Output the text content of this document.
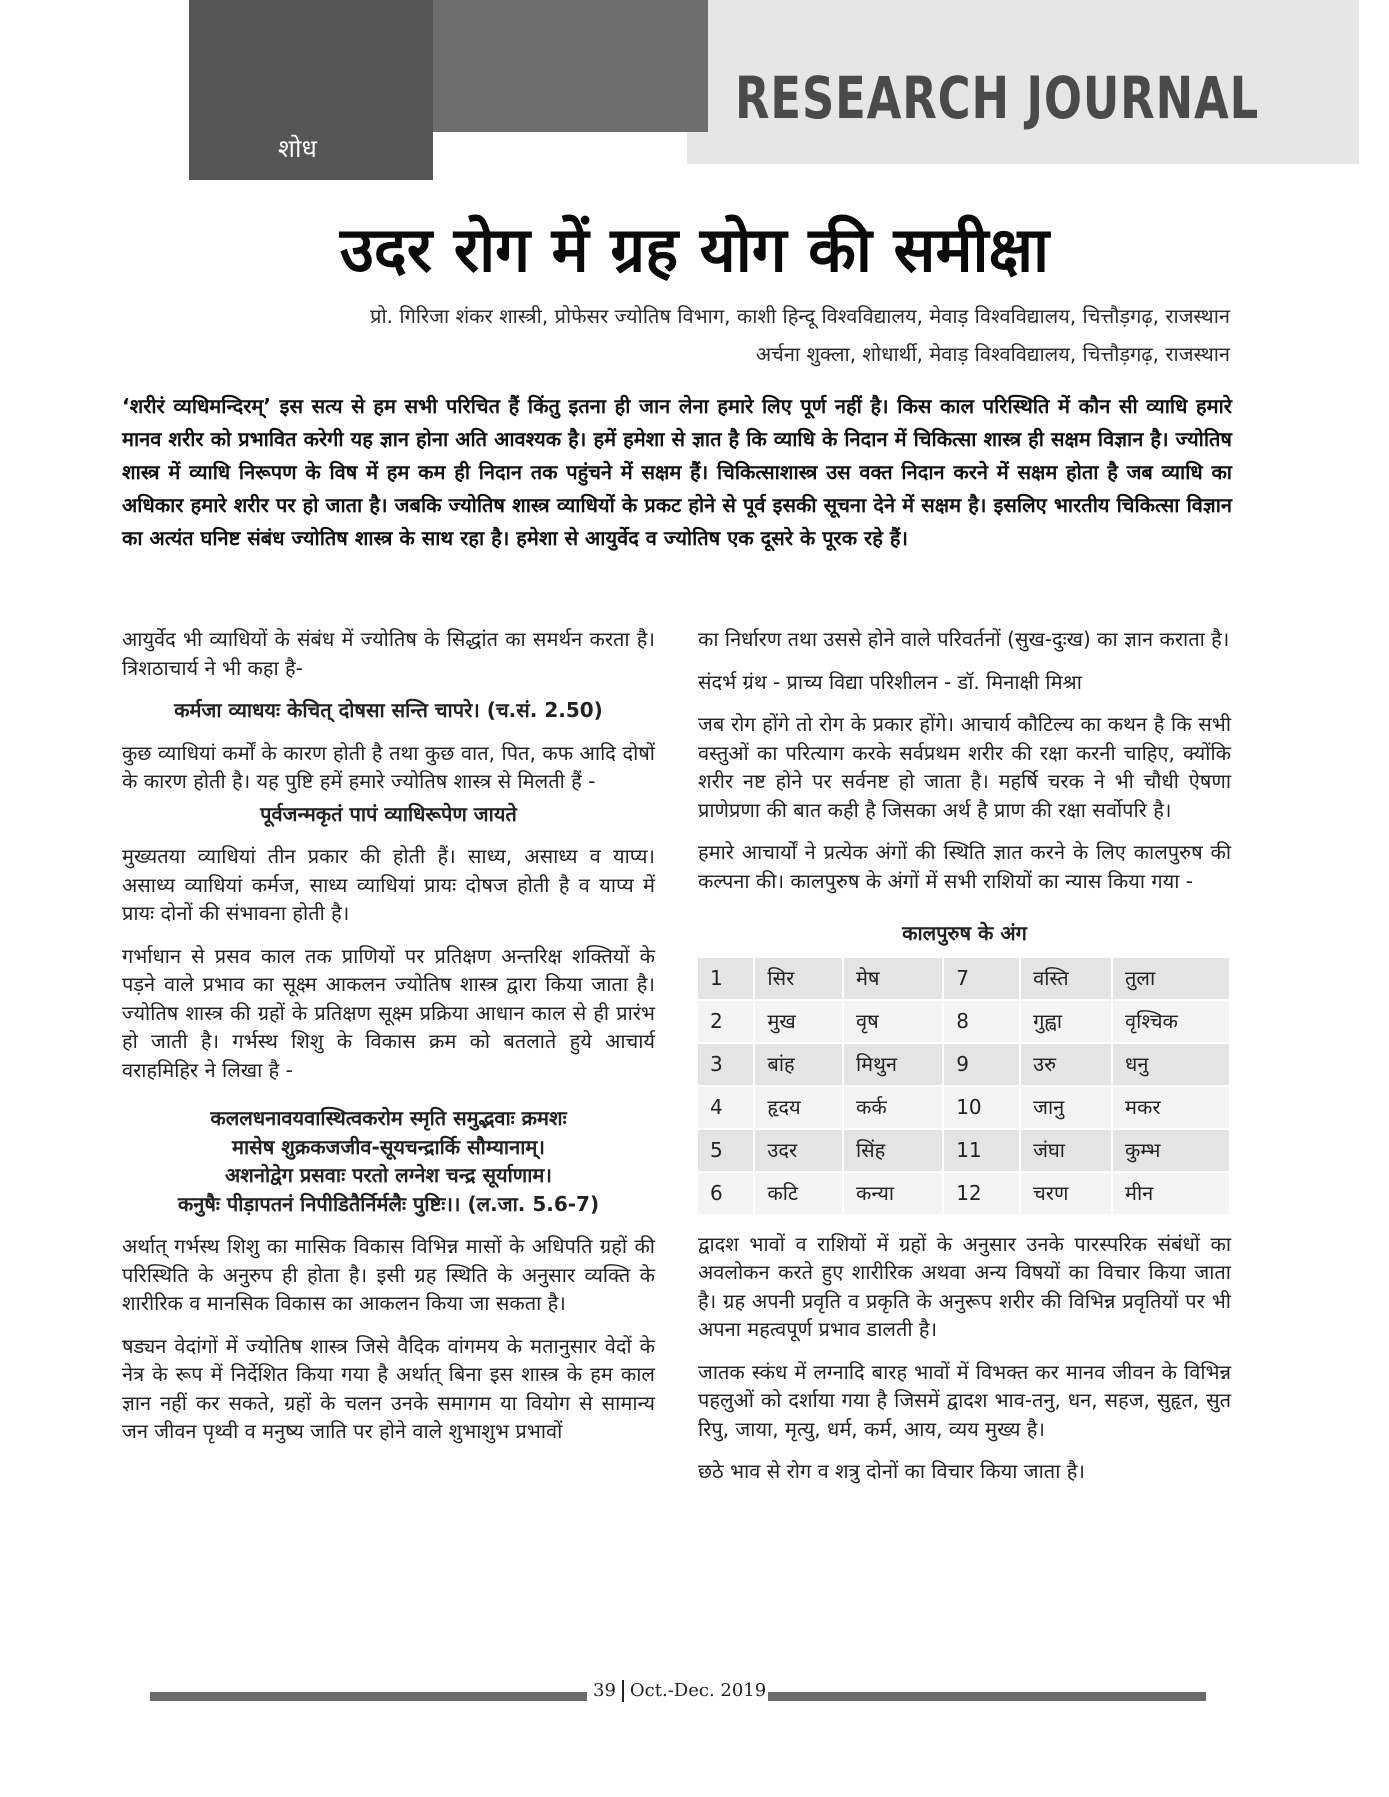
शोध
RESEARCH JOURNAL
उदर रोग में ग्रह योग की समीक्षा
प्रो. गिरिजा शंकर शास्त्री, प्रोफेसर ज्योतिष विभाग, काशी हिन्दू विश्वविद्यालय, मेवाड़ विश्वविद्यालय, चित्तौड़गढ़, राजस्थान
अर्चना शुक्ला, शोधार्थी, मेवाड़ विश्वविद्यालय, चित्तौड़गढ़, राजस्थान
‘शरीरं व्यधिमन्दिरम्’ इस सत्य से हम सभी परिचित हैं किंतु इतना ही जान लेना हमारे लिए पूर्ण नहीं है। किस काल परिस्थिति में कौन सी व्याधि हमारे मानव शरीर को प्रभावित करेगी यह ज्ञान होना अति आवश्यक है। हमें हमेशा से ज्ञात है कि व्याधि के निदान में चिकित्सा शास्त्र ही सक्षम विज्ञान है। ज्योतिष शास्त्र में व्याधि निरूपण के विष में हम कम ही निदान तक पहुंचने में सक्षम हैं। चिकित्साशास्त्र उस वक्त निदान करने में सक्षम होता है जब व्याधि का अधिकार हमारे शरीर पर हो जाता है। जबकि ज्योतिष शास्त्र व्याधियों के प्रकट होने से पूर्व इसकी सूचना देने में सक्षम है। इसलिए भारतीय चिकित्सा विज्ञान का अत्यंत घनिष्ट संबंध ज्योतिष शास्त्र के साथ रहा है। हमेशा से आयुर्वेद व ज्योतिष एक दूसरे के पूरक रहे हैं।

आयुर्वेद भी व्याधियों के संबंध में ज्योतिष के सिद्धांत का समर्थन करता है। त्रिशठाचार्य ने भी कहा है-

कर्मजा व्याधयः केचित् दोषसा सन्ति चापरे। (च.सं. 2.50)

कुछ व्याधियां कर्मों के कारण होती है तथा कुछ वात, पित, कफ आदि दोषों के कारण होती है। यह पुष्टि हमें हमारे ज्योतिष शास्त्र से मिलती हैं -

पूर्वजन्मकृतं पापं व्याधिरूपेण जायते

मुख्यतया व्याधियां तीन प्रकार की होती हैं। साध्य, असाध्य व याप्य। असाध्य व्याधियां कर्मज, साध्य व्याधियां प्रायः दोषज होती है व याप्य में प्रायः दोनों की संभावना होती है।

गर्भाधान से प्रसव काल तक प्राणियों पर प्रतिक्षण अन्तरिक्ष शक्तियों के पड़ने वाले प्रभाव का सूक्ष्म आकलन ज्योतिष शास्त्र द्वारा किया जाता है। ज्योतिष शास्त्र की ग्रहों के प्रतिक्षण सूक्ष्म प्रक्रिया आधान काल से ही प्रारंभ हो जाती है। गर्भस्थ शिशु के विकास क्रम को बतलाते हुये आचार्य वराहमिहिर ने लिखा है -

कललधनावयवास्थित्वकरोम स्मृति समुद्भवाः क्रमशः
मासेष शुक्रकजजीव-सूयचन्द्रार्कि सौम्यानाम्।
अशनोद्वेग प्रसवाः परतो लग्नेश चन्द्र सूर्याणाम।
कनुषैः पीड़ापतनं निपीडितैर्निर्मलैः पुष्टिः।। (ल.जा. 5.6-7)

अर्थात् गर्भस्थ शिशु का मासिक विकास विभिन्न मासों के अधिपति ग्रहों की परिस्थिति के अनुरुप ही होता है। इसी ग्रह स्थिति के अनुसार व्यक्ति के शारीरिक व मानसिक विकास का आकलन किया जा सकता है।

षड्यन वेदांगों में ज्योतिष शास्त्र जिसे वैदिक वांगमय के मतानुसार वेदों के नेत्र के रूप में निर्देशित किया गया है अर्थात् बिना इस शास्त्र के हम काल ज्ञान नहीं कर सकते, ग्रहों के चलन उनके समागम या वियोग से सामान्य जन जीवन पृथ्वी व मनुष्य जाति पर होने वाले शुभाशुभ प्रभावों

का निर्धारण तथा उससे होने वाले परिवर्तनों (सुख-दुःख) का ज्ञान कराता है।

संदर्भ ग्रंथ - प्राच्य विद्या परिशीलन - डॉ. मिनाक्षी मिश्रा

जब रोग होंगे तो रोग के प्रकार होंगे। आचार्य कौटिल्य का कथन है कि सभी वस्तुओं का परित्याग करके सर्वप्रथम शरीर की रक्षा करनी चाहिए, क्योंकि शरीर नष्ट होने पर सर्वनष्ट हो जाता है। महर्षि चरक ने भी चौधी ऐषणा प्राणेप्रणा की बात कही है जिसका अर्थ है प्राण की रक्षा सर्वोपरि है।

हमारे आचार्यों ने प्रत्येक अंगों की स्थिति ज्ञात करने के लिए कालपुरुष की कल्पना की। कालपुरुष के अंगों में सभी राशियों का न्यास किया गया -

कालपुरुष के अंग
1	सिर	मेष	7	वस्ति	तुला
2	मुख	वृष	8	गुह्वा	वृश्चिक
3	बांह	मिथुन	9	उरु	धनु
4	हृदय	कर्क	10	जानु	मकर
5	उदर	सिंह	11	जंघा	कुम्भ
6	कटि	कन्या	12	चरण	मीन

द्वादश भावों व राशियों में ग्रहों के अनुसार उनके पारस्परिक संबंधों का अवलोकन करते हुए शारीरिक अथवा अन्य विषयों का विचार किया जाता है। ग्रह अपनी प्रवृति व प्रकृति के अनुरूप शरीर की विभिन्न प्रवृतियों पर भी अपना महत्वपूर्ण प्रभाव डालती है।

जातक स्कंध में लग्नादि बारह भावों में विभक्त कर मानव जीवन के विभिन्न पहलुओं को दर्शाया गया है जिसमें द्वादश भाव-तनु, धन, सहज, सुहृत, सुत रिपु, जाया, मृत्यु, धर्म, कर्म, आय, व्यय मुख्य है।

छठे भाव से रोग व शत्रु दोनों का विचार किया जाता है।

39 Oct.-Dec. 2019
